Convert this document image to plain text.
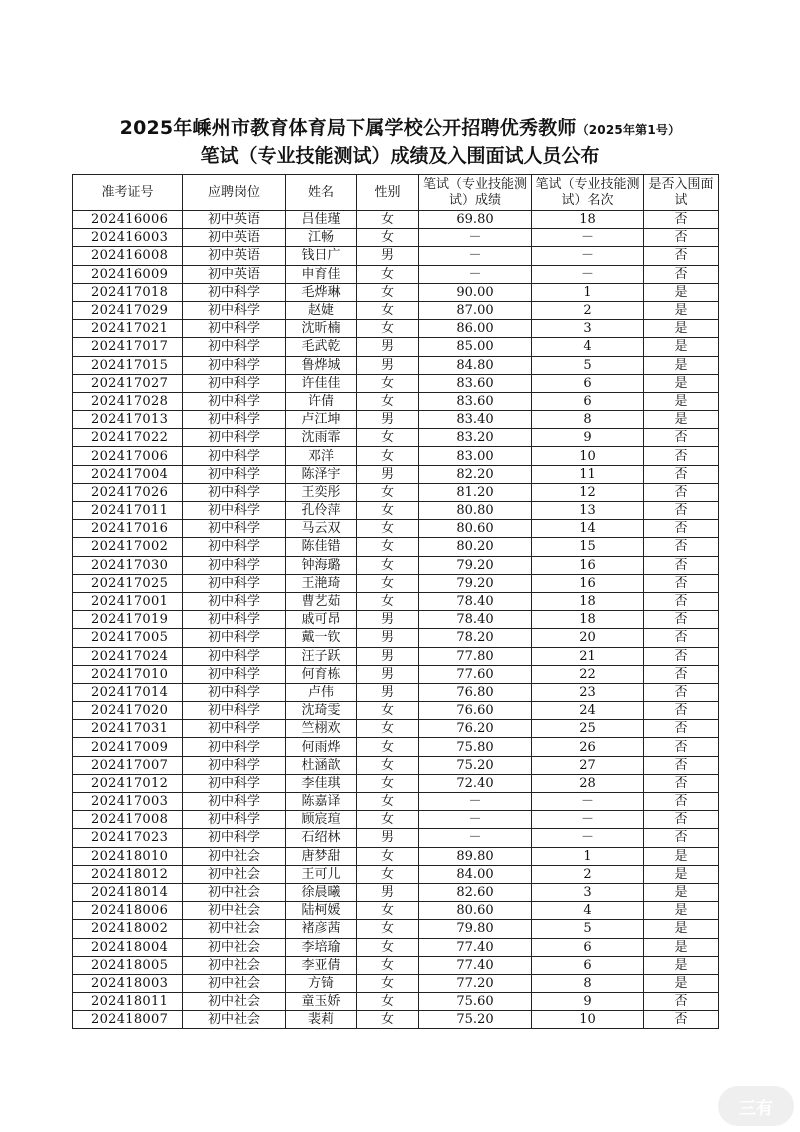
2025年嵊州市教育体育局下属学校公开招聘优秀教师（2025年第1号）
笔试（专业技能测试）成绩及入围面试人员公布
准考证号	应聘岗位	姓名	性别	笔试（专业技能测试）成绩	笔试（专业技能测试）名次	是否入围面试
202416006	初中英语	吕佳瑾	女	69.80	18	否
202416003	初中英语	江畅	女	－	－	否
202416008	初中英语	钱日广	男	－	－	否
202416009	初中英语	申育佳	女	－	－	否
202417018	初中科学	毛烨琳	女	90.00	1	是
202417029	初中科学	赵婕	女	87.00	2	是
202417021	初中科学	沈昕楠	女	86.00	3	是
202417017	初中科学	毛武乾	男	85.00	4	是
202417015	初中科学	鲁烨城	男	84.80	5	是
202417027	初中科学	许佳佳	女	83.60	6	是
202417028	初中科学	许倩	女	83.60	6	是
202417013	初中科学	卢江坤	男	83.40	8	是
202417022	初中科学	沈雨霏	女	83.20	9	否
202417006	初中科学	邓洋	女	83.00	10	否
202417004	初中科学	陈泽宇	男	82.20	11	否
202417026	初中科学	王奕彤	女	81.20	12	否
202417011	初中科学	孔伶萍	女	80.80	13	否
202417016	初中科学	马云双	女	80.60	14	否
202417002	初中科学	陈佳错	女	80.20	15	否
202417030	初中科学	钟海璐	女	79.20	16	否
202417025	初中科学	王滟琦	女	79.20	16	否
202417001	初中科学	曹艺茹	女	78.40	18	否
202417019	初中科学	戚可昂	男	78.40	18	否
202417005	初中科学	戴一钦	男	78.20	20	否
202417024	初中科学	汪子跃	男	77.80	21	否
202417010	初中科学	何育栋	男	77.60	22	否
202417014	初中科学	卢伟	男	76.80	23	否
202417020	初中科学	沈琦雯	女	76.60	24	否
202417031	初中科学	竺栩欢	女	76.20	25	否
202417009	初中科学	何雨烨	女	75.80	26	否
202417007	初中科学	杜涵歆	女	75.20	27	否
202417012	初中科学	李佳琪	女	72.40	28	否
202417003	初中科学	陈嘉译	女	－	－	否
202417008	初中科学	顾宸瑄	女	－	－	否
202417023	初中科学	石绍林	男	－	－	否
202418010	初中社会	唐梦甜	女	89.80	1	是
202418012	初中社会	王可儿	女	84.00	2	是
202418014	初中社会	徐晨曦	男	82.60	3	是
202418006	初中社会	陆柯媛	女	80.60	4	是
202418002	初中社会	褚彦茜	女	79.80	5	是
202418004	初中社会	李培瑜	女	77.40	6	是
202418005	初中社会	李亚倩	女	77.40	6	是
202418003	初中社会	方锜	女	77.20	8	是
202418011	初中社会	童玉娇	女	75.60	9	否
202418007	初中社会	裴莉	女	75.20	10	否
三有
